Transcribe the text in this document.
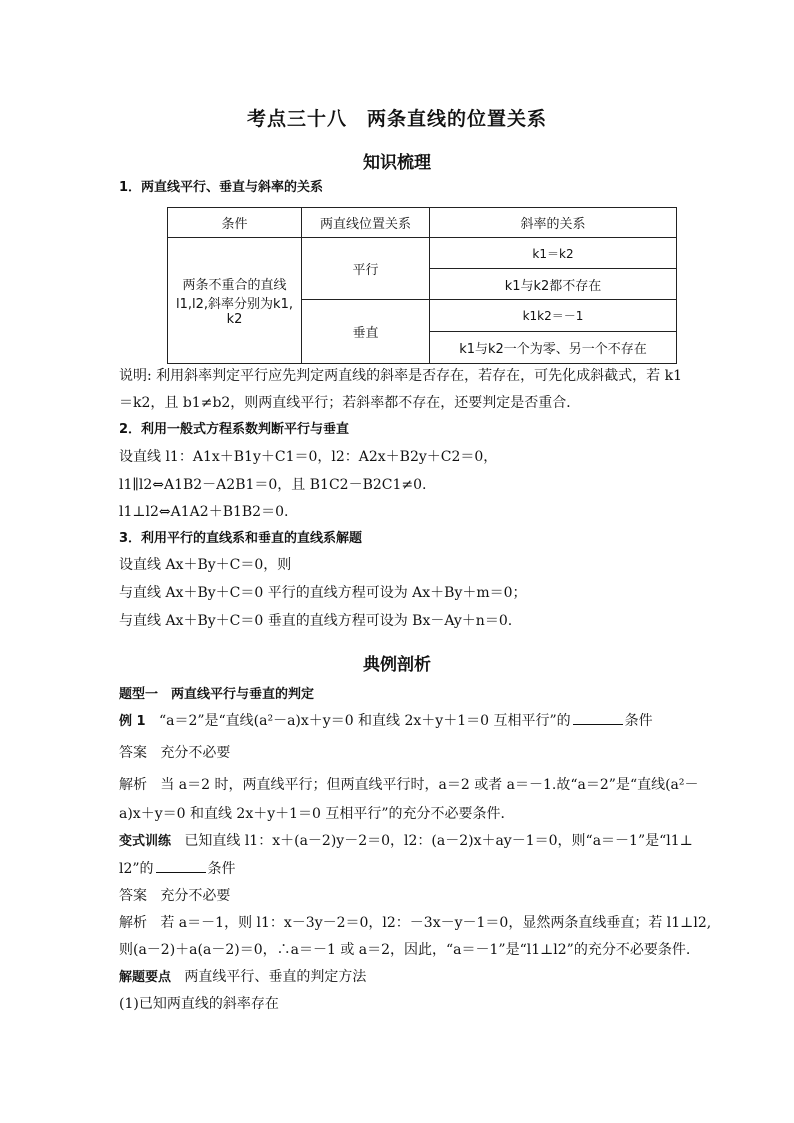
考点三十八　两条直线的位置关系
知识梳理
1．两直线平行、垂直与斜率的关系
条件	两直线位置关系	斜率的关系

两条不重合的直线
l1,l2,斜率分别为k1,
k2	平行	k1＝k2
		k1与k2都不存在
	垂直	k1k2＝－1
		k1与k2一个为零、另一个不存在
说明: 利用斜率判定平行应先判定两直线的斜率是否存在，若存在，可先化成斜截式，若 k1
＝k2，且 b1≠b2，则两直线平行；若斜率都不存在，还要判定是否重合．
2．利用一般式方程系数判断平行与垂直
设直线 l1：A1x＋B1y＋C1＝0，l2：A2x＋B2y＋C2＝0，
l1∥l2⇔A1B2－A2B1＝0，且 B1C2－B2C1≠0.
l1⊥l2⇔A1A2＋B1B2＝0.
3．利用平行的直线系和垂直的直线系解题
设直线 Ax＋By＋C＝0，则
与直线 Ax＋By＋C＝0 平行的直线方程可设为 Ax＋By＋m＝0；
与直线 Ax＋By＋C＝0 垂直的直线方程可设为 Bx－Ay＋n＝0.
典例剖析
题型一　两直线平行与垂直的判定
例 1 “a＝2”是“直线(a²－a)x＋y＝0 和直线 2x＋y＋1＝0 互相平行”的	条件
答案 充分不必要
解析 当 a＝2 时，两直线平行；但两直线平行时，a＝2 或者 a＝－1.故“a＝2”是“直线(a²－
a)x＋y＝0 和直线 2x＋y＋1＝0 互相平行”的充分不必要条件．
变式训练 已知直线 l1：x＋(a－2)y－2＝0，l2：(a－2)x＋ay－1＝0，则“a＝－1”是“l1⊥
l2”的	条件
答案 充分不必要
解析 若 a＝－1，则 l1：x－3y－2＝0，l2：－3x－y－1＝0，显然两条直线垂直；若 l1⊥l2,
则(a－2)＋a(a－2)＝0，∴a＝－1 或 a＝2，因此，“a＝－1”是“l1⊥l2”的充分不必要条件.
解题要点 两直线平行、垂直的判定方法
(1)已知两直线的斜率存在
